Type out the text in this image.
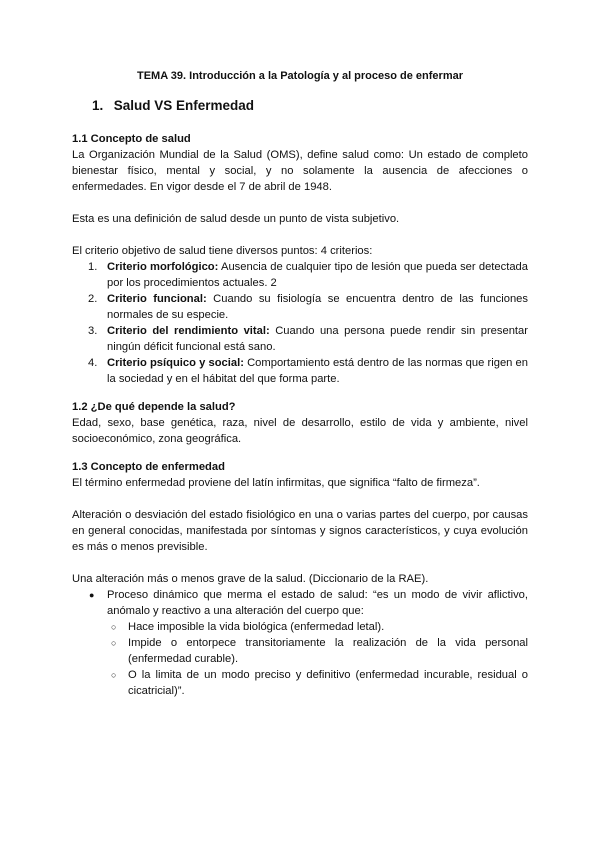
TEMA 39. Introducción a la Patología y al proceso de enfermar
1. Salud VS Enfermedad
1.1 Concepto de salud

La Organización Mundial de la Salud (OMS), define salud como: Un estado de completo bienestar físico, mental y social, y no solamente la ausencia de afecciones o enfermedades. En vigor desde el 7 de abril de 1948.

Esta es una definición de salud desde un punto de vista subjetivo.

El criterio objetivo de salud tiene diversos puntos: 4 criterios:

1. Criterio morfológico: Ausencia de cualquier tipo de lesión que pueda ser detectada por los procedimientos actuales. 2
2. Criterio funcional: Cuando su fisiología se encuentra dentro de las funciones normales de su especie.
3. Criterio del rendimiento vital: Cuando una persona puede rendir sin presentar ningún déficit funcional está sano.
4. Criterio psíquico y social: Comportamiento está dentro de las normas que rigen en la sociedad y en el hábitat del que forma parte.
1.2 ¿De qué depende la salud?

Edad, sexo, base genética, raza, nivel de desarrollo, estilo de vida y ambiente, nivel socioeconómico, zona geográfica.

1.3 Concepto de enfermedad

El término enfermedad proviene del latín infirmitas, que significa “falto de firmeza”.

Alteración o desviación del estado fisiológico en una o varias partes del cuerpo, por causas en general conocidas, manifestada por síntomas y signos característicos, y cuya evolución es más o menos previsible.

Una alteración más o menos grave de la salud. (Diccionario de la RAE).

● Proceso dinámico que merma el estado de salud: “es un modo de vivir aflictivo, anómalo y reactivo a una alteración del cuerpo que:
○ Hace imposible la vida biológica (enfermedad letal).
○ Impide o entorpece transitoriamente la realización de la vida personal (enfermedad curable).
○ O la limita de un modo preciso y definitivo (enfermedad incurable, residual o cicatricial)”.
